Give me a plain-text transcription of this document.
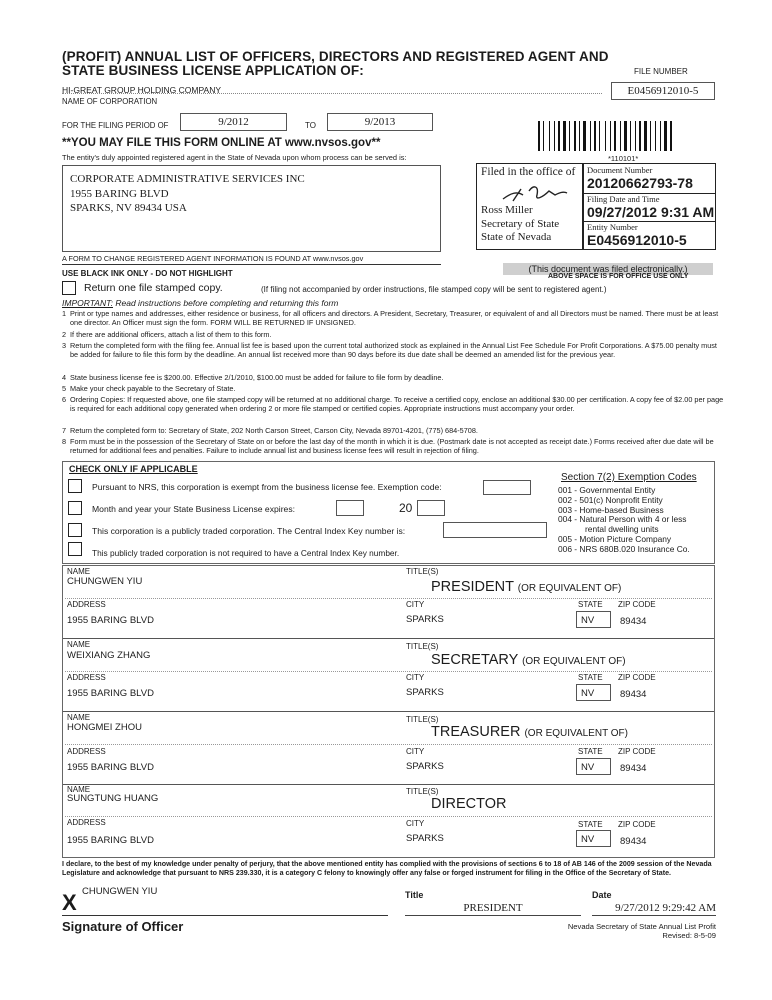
(PROFIT) ANNUAL LIST OF OFFICERS, DIRECTORS AND REGISTERED AGENT AND
STATE BUSINESS LICENSE APPLICATION OF:	FILE NUMBER
HI-GREAT GROUP HOLDING COMPANY	E0456912010-5
NAME OF CORPORATION
FOR THE FILING PERIOD OF	9/2012	TO	9/2013
**YOU MAY FILE THIS FORM ONLINE AT www.nvsos.gov**
*110101*
The entity's duly appointed registered agent in the State of Nevada upon whom process can be served is:
CORPORATE ADMINISTRATIVE SERVICES INC
1955 BARING BLVD
SPARKS, NV 89434 USA
A FORM TO CHANGE REGISTERED AGENT INFORMATION IS FOUND AT www.nvsos.gov
Filed in the office of
Ross Miller
Secretary of State
State of Nevada
Document Number
20120662793-78
Filing Date and Time
09/27/2012 9:31 AM
Entity Number
E0456912010-5
(This document was filed electronically.)
ABOVE SPACE IS FOR OFFICE USE ONLY
USE BLACK INK ONLY - DO NOT HIGHLIGHT
Return one file stamped copy.	(If filing not accompanied by order instructions, file stamped copy will be sent to registered agent.)
IMPORTANT: Read instructions before completing and returning this form
1 Print or type names and addresses, either residence or business, for all officers and directors. A President, Secretary, Treasurer, or equivalent of and all Directors must be named. There must be at least one director. An Officer must sign the form. FORM WILL BE RETURNED IF UNSIGNED.
2 If there are additional officers, attach a list of them to this form.
3 Return the completed form with the filing fee. Annual list fee is based upon the current total authorized stock as explained in the Annual List Fee Schedule For Profit Corporations. A $75.00 penalty must be added for failure to file this form by the deadline. An annual list received more than 90 days before its due date shall be deemed an amended list for the previous year.
4 State business license fee is $200.00. Effective 2/1/2010, $100.00 must be added for failure to file form by deadline.
5 Make your check payable to the Secretary of State.
6 Ordering Copies: If requested above, one file stamped copy will be returned at no additional charge. To receive a certified copy, enclose an additional $30.00 per certification. A copy fee of $2.00 per page is required for each additional copy generated when ordering 2 or more file stamped or certified copies. Appropriate instructions must accompany your order.
7 Return the completed form to: Secretary of State, 202 North Carson Street, Carson City, Nevada 89701-4201, (775) 684-5708.
8 Form must be in the possession of the Secretary of State on or before the last day of the month in which it is due. (Postmark date is not accepted as receipt date.) Forms received after due date will be returned for additional fees and penalties. Failure to include annual list and business license fees will result in rejection of filing.
CHECK ONLY IF APPLICABLE
Pursuant to NRS, this corporation is exempt from the business license fee. Exemption code:
Month and year your State Business License expires:	20
This corporation is a publicly traded corporation. The Central Index Key number is:
This publicly traded corporation is not required to have a Central Index Key number.
Section 7(2) Exemption Codes
001 - Governmental Entity
002 - 501(c) Nonprofit Entity
003 - Home-based Business
004 - Natural Person with 4 or less
rental dwelling units
005 - Motion Picture Company
006 - NRS 680B.020 Insurance Co.
NAME
CHUNGWEN YIU
TITLE(S)
PRESIDENT (OR EQUIVALENT OF)
ADDRESS	CITY	STATE ZIP CODE
1955 BARING BLVD	SPARKS	NV	89434
NAME
WEIXIANG ZHANG
TITLE(S)
SECRETARY (OR EQUIVALENT OF)
ADDRESS	CITY	STATE ZIP CODE
1955 BARING BLVD	SPARKS	NV	89434
NAME
HONGMEI ZHOU
TITLE(S)
TREASURER (OR EQUIVALENT OF)
ADDRESS	CITY	STATE ZIP CODE
1955 BARING BLVD	SPARKS	NV	89434
NAME
SUNGTUNG HUANG
TITLE(S)
DIRECTOR
ADDRESS	CITY	STATE ZIP CODE
1955 BARING BLVD	SPARKS	NV	89434
I declare, to the best of my knowledge under penalty of perjury, that the above mentioned entity has complied with the provisions of sections 6 to 18 of AB 146 of the 2009 session of the Nevada Legislature and acknowledge that pursuant to NRS 239.330, it is a category C felony to knowingly offer any false or forged instrument for filing in the Office of the Secretary of State.
X CHUNGWEN YIU
Signature of Officer
Title
PRESIDENT
Date
9/27/2012 9:29:42 AM
Nevada Secretary of State Annual List Profit
Revised: 8-5-09
